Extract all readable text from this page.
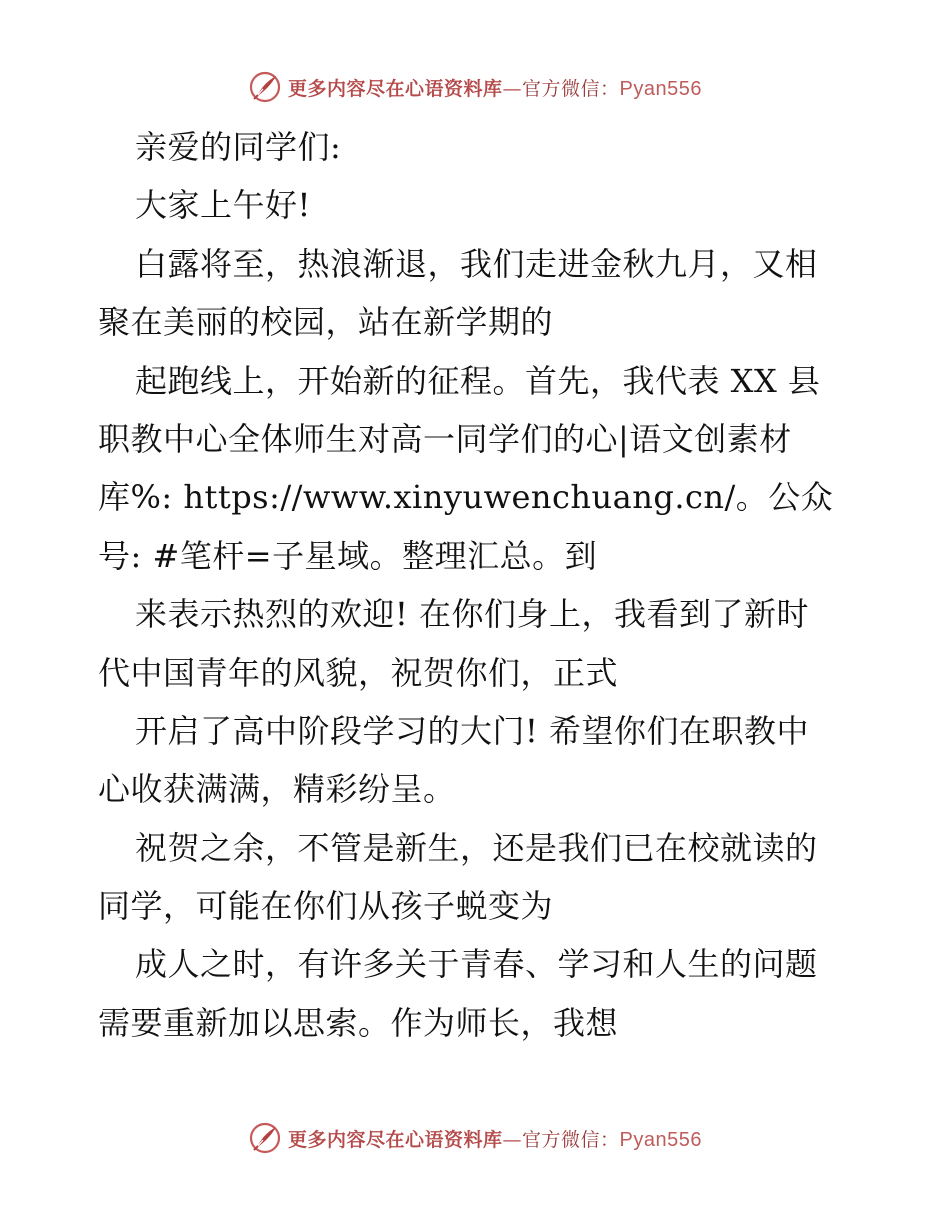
更多内容尽在心语资料库—官方微信：Pyan556
亲爱的同学们:
大家上午好!
白露将至，热浪渐退，我们走进金秋九月，又相
聚在美丽的校园，站在新学期的
起跑线上，开始新的征程。首先，我代表 XX 县
职教中心全体师生对高一同学们的心|语文创素材
库%: https://www.xinyuwenchuang.cn/。公众
号: #笔杆=子星域。整理汇总。到
来表示热烈的欢迎! 在你们身上，我看到了新时
代中国青年的风貌，祝贺你们，正式
开启了高中阶段学习的大门! 希望你们在职教中
心收获满满，精彩纷呈。
祝贺之余，不管是新生，还是我们已在校就读的
同学，可能在你们从孩子蜕变为
成人之时，有许多关于青春、学习和人生的问题
需要重新加以思索。作为师长，我想
更多内容尽在心语资料库—官方微信：Pyan556
